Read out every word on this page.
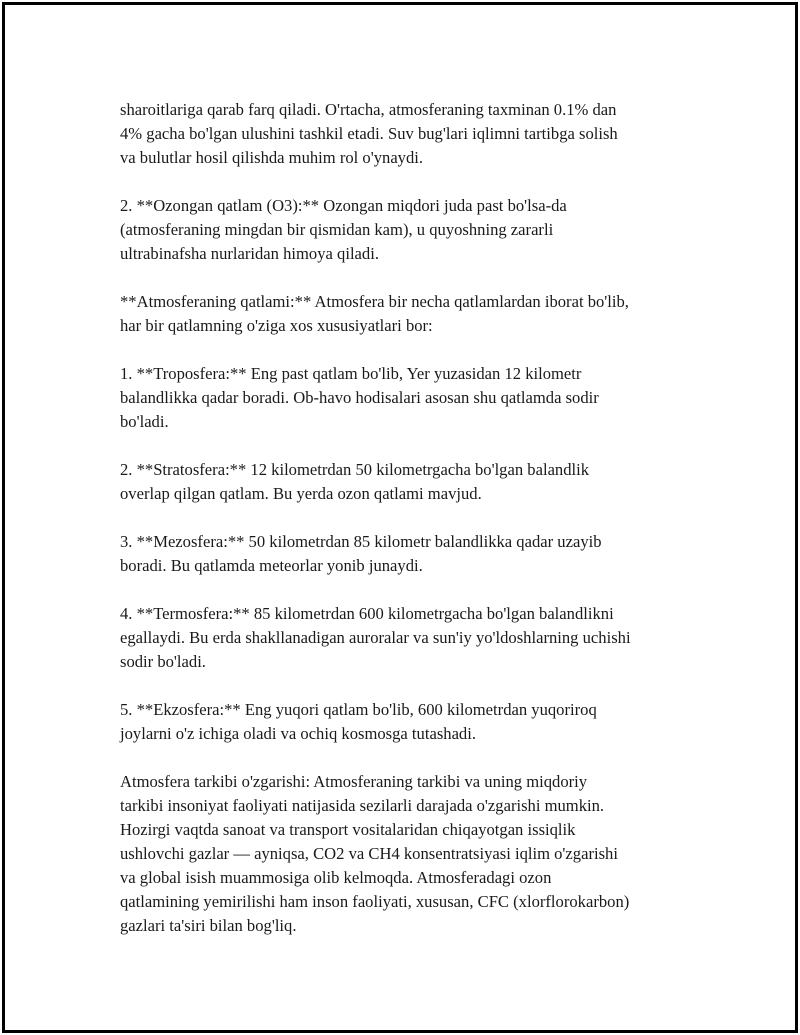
sharoitlariga qarab farq qiladi. O'rtacha, atmosferaning taxminan 0.1% dan
4% gacha bo'lgan ulushini tashkil etadi. Suv bug'lari iqlimni tartibga solish
va bulutlar hosil qilishda muhim rol o'ynaydi.

2. **Ozongan qatlam (O3):** Ozongan miqdori juda past bo'lsa-da
(atmosferaning mingdan bir qismidan kam), u quyoshning zararli
ultrabinafsha nurlaridan himoya qiladi.

**Atmosferaning qatlami:** Atmosfera bir necha qatlamlardan iborat bo'lib,
har bir qatlamning o'ziga xos xususiyatlari bor:

1. **Troposfera:** Eng past qatlam bo'lib, Yer yuzasidan 12 kilometr
balandlikka qadar boradi. Ob-havo hodisalari asosan shu qatlamda sodir
bo'ladi.

2. **Stratosfera:** 12 kilometrdan 50 kilometrgacha bo'lgan balandlik
overlap qilgan qatlam. Bu yerda ozon qatlami mavjud.

3. **Mezosfera:** 50 kilometrdan 85 kilometr balandlikka qadar uzayib
boradi. Bu qatlamda meteorlar yonib junaydi.

4. **Termosfera:** 85 kilometrdan 600 kilometrgacha bo'lgan balandlikni
egallaydi. Bu erda shakllanadigan auroralar va sun'iy yo'ldoshlarning uchishi
sodir bo'ladi.

5. **Ekzosfera:** Eng yuqori qatlam bo'lib, 600 kilometrdan yuqoriroq
joylarni o'z ichiga oladi va ochiq kosmosga tutashadi.

Atmosfera tarkibi o'zgarishi: Atmosferaning tarkibi va uning miqdoriy
tarkibi insoniyat faoliyati natijasida sezilarli darajada o'zgarishi mumkin.
Hozirgi vaqtda sanoat va transport vositalaridan chiqayotgan issiqlik
ushlovchi gazlar — ayniqsa, CO2 va CH4 konsentratsiyasi iqlim o'zgarishi
va global isish muammosiga olib kelmoqda. Atmosferadagi ozon
qatlamining yemirilishi ham inson faoliyati, xususan, CFC (xlorflorokarbon)
gazlari ta'siri bilan bog'liq.
